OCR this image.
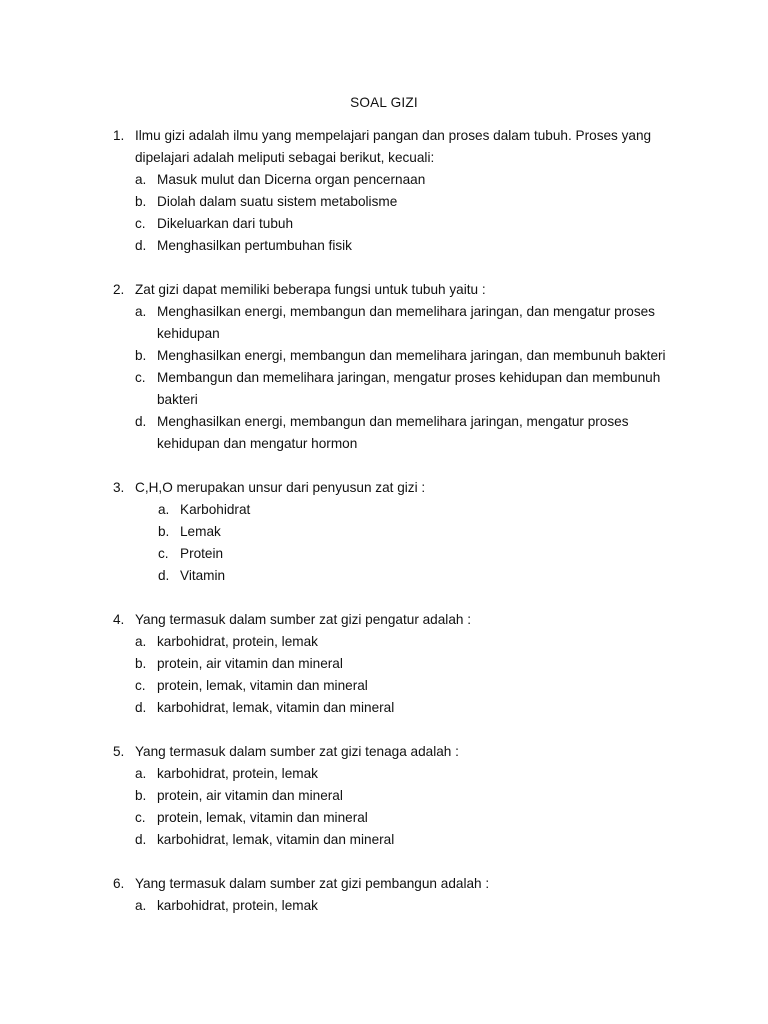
SOAL GIZI
1. Ilmu gizi adalah ilmu yang mempelajari pangan dan proses dalam tubuh. Proses yang dipelajari adalah meliputi sebagai berikut, kecuali:
a. Masuk mulut dan Dicerna organ pencernaan
b. Diolah dalam suatu sistem metabolisme
c. Dikeluarkan dari tubuh
d. Menghasilkan pertumbuhan fisik
2. Zat gizi dapat memiliki beberapa fungsi untuk tubuh yaitu :
a. Menghasilkan energi, membangun dan memelihara jaringan, dan mengatur proses kehidupan
b. Menghasilkan energi, membangun dan memelihara jaringan, dan membunuh bakteri
c. Membangun dan memelihara jaringan, mengatur proses kehidupan dan membunuh bakteri
d. Menghasilkan energi, membangun dan memelihara jaringan, mengatur proses kehidupan dan mengatur hormon
3. C,H,O merupakan unsur dari penyusun zat gizi :
a. Karbohidrat
b. Lemak
c. Protein
d. Vitamin
4. Yang termasuk dalam sumber zat gizi pengatur adalah :
a. karbohidrat, protein, lemak
b. protein, air vitamin dan mineral
c. protein, lemak, vitamin dan mineral
d. karbohidrat, lemak, vitamin dan mineral
5. Yang termasuk dalam sumber zat gizi tenaga adalah :
a. karbohidrat, protein, lemak
b. protein, air vitamin dan mineral
c. protein, lemak, vitamin dan mineral
d. karbohidrat, lemak, vitamin dan mineral
6. Yang termasuk dalam sumber zat gizi pembangun adalah :
a. karbohidrat, protein, lemak
